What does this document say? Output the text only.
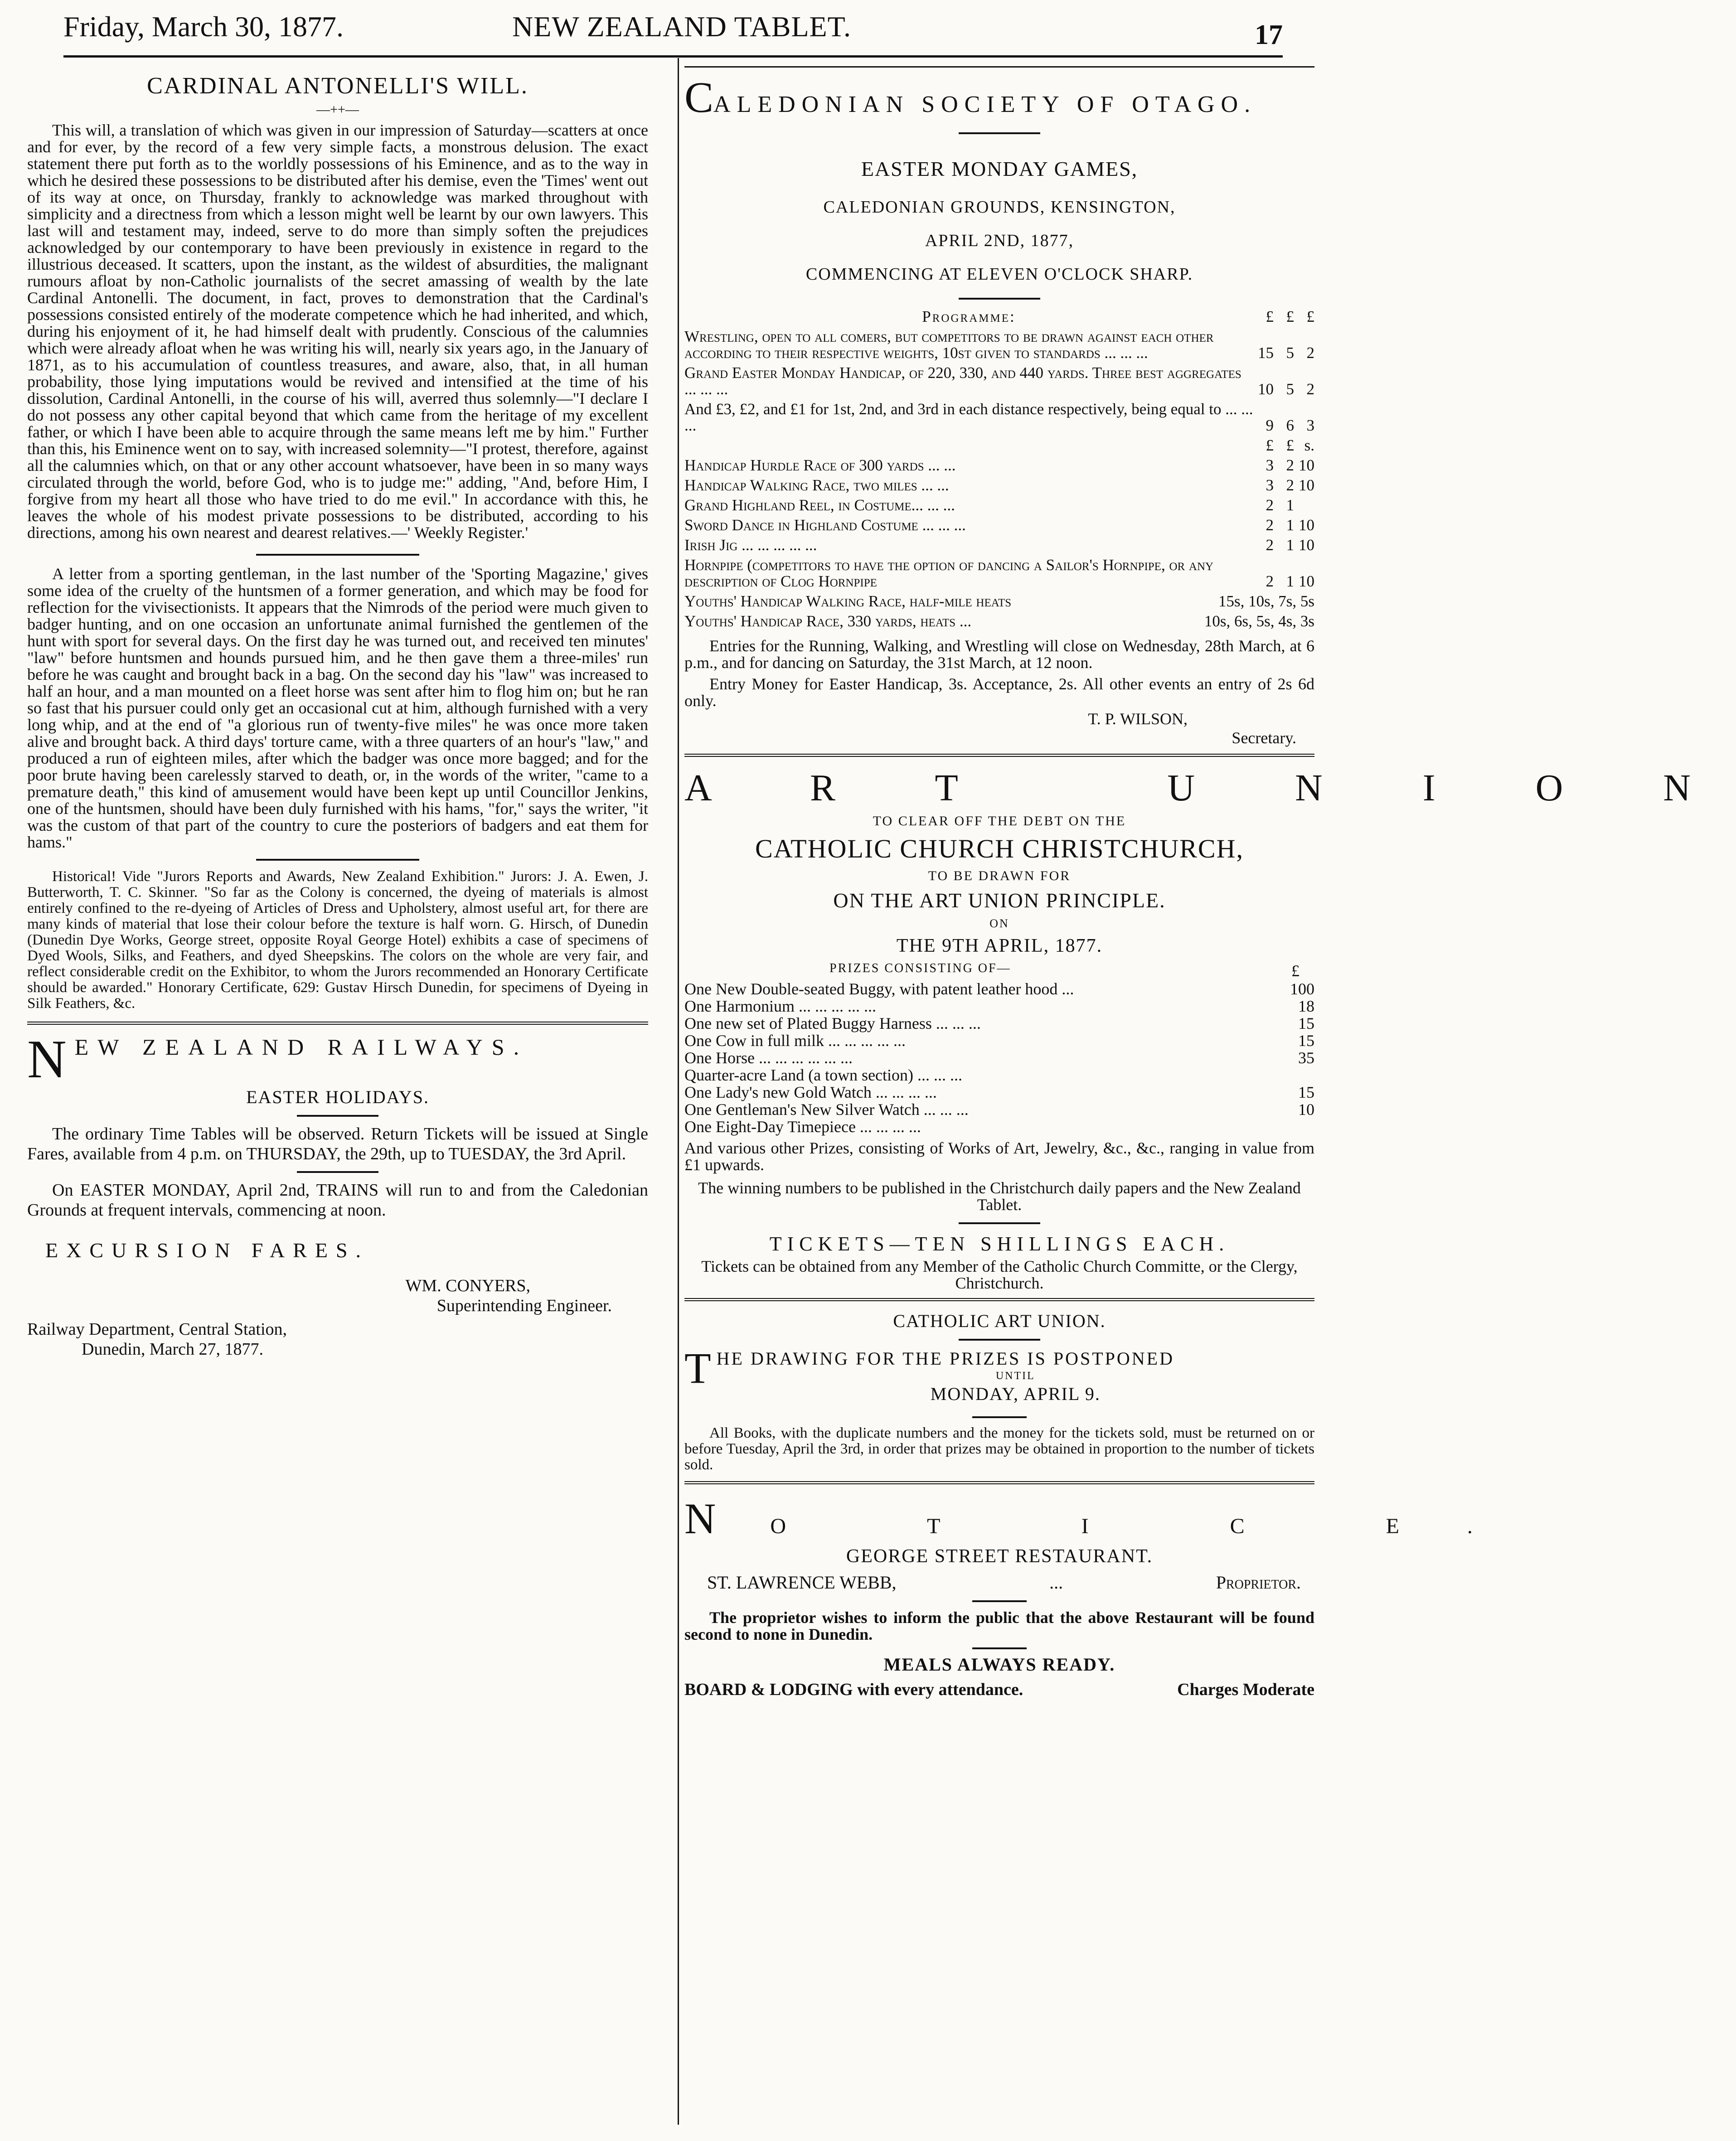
Friday, March 30, 1877.	NEW ZEALAND TABLET.	17
CARDINAL ANTONELLI'S WILL.
—++—

This will, a translation of which was given in our impression of Saturday—scatters at once and for ever, by the record of a few very simple facts, a monstrous delusion. The exact statement there put forth as to the worldly possessions of his Eminence, and as to the way in which he desired these possessions to be distributed after his demise, even the 'Times' went out of its way at once, on Thursday, frankly to acknowledge was marked throughout with simplicity and a directness from which a lesson might well be learnt by our own lawyers. This last will and testament may, indeed, serve to do more than simply soften the prejudices acknowledged by our contemporary to have been previously in existence in regard to the illustrious deceased. It scatters, upon the instant, as the wildest of absurdities, the malignant rumours afloat by non-Catholic journalists of the secret amassing of wealth by the late Cardinal Antonelli. The document, in fact, proves to demonstration that the Cardinal's possessions consisted entirely of the moderate competence which he had inherited, and which, during his enjoyment of it, he had himself dealt with prudently. Conscious of the calumnies which were already afloat when he was writing his will, nearly six years ago, in the January of 1871, as to his accumulation of countless treasures, and aware, also, that, in all human probability, those lying imputations would be revived and intensified at the time of his dissolution, Cardinal Antonelli, in the course of his will, averred thus solemnly—"I declare I do not possess any other capital beyond that which came from the heritage of my excellent father, or which I have been able to acquire through the same means left me by him." Further than this, his Eminence went on to say, with increased solemnity—"I protest, therefore, against all the calumnies which, on that or any other account whatsoever, have been in so many ways circulated through the world, before God, who is to judge me:" adding, "And, before Him, I forgive from my heart all those who have tried to do me evil." In accordance with this, he leaves the whole of his modest private possessions to be distributed, according to his directions, among his own nearest and dearest relatives.—' Weekly Register.'

A letter from a sporting gentleman, in the last number of the 'Sporting Magazine,' gives some idea of the cruelty of the huntsmen of a former generation, and which may be food for reflection for the vivisectionists. It appears that the Nimrods of the period were much given to badger hunting, and on one occasion an unfortunate animal furnished the gentlemen of the hunt with sport for several days. On the first day he was turned out, and received ten minutes' "law" before huntsmen and hounds pursued him, and he then gave them a three-miles' run before he was caught and brought back in a bag. On the second day his "law" was increased to half an hour, and a man mounted on a fleet horse was sent after him to flog him on; but he ran so fast that his pursuer could only get an occasional cut at him, although furnished with a very long whip, and at the end of "a glorious run of twenty-five miles" he was once more taken alive and brought back. A third days' torture came, with a three quarters of an hour's "law," and produced a run of eighteen miles, after which the badger was once more bagged; and for the poor brute having been carelessly starved to death, or, in the words of the writer, "came to a premature death," this kind of amusement would have been kept up until Councillor Jenkins, one of the huntsmen, should have been duly furnished with his hams, "for," says the writer, "it was the custom of that part of the country to cure the posteriors of badgers and eat them for hams."

Historical! Vide "Jurors Reports and Awards, New Zealand Exhibition." Jurors: J. A. Ewen, J. Butterworth, T. C. Skinner. "So far as the Colony is concerned, the dyeing of materials is almost entirely confined to the re-dyeing of Articles of Dress and Upholstery, almost useful art, for there are many kinds of material that lose their colour before the texture is half worn. G. Hirsch, of Dunedin (Dunedin Dye Works, George street, opposite Royal George Hotel) exhibits a case of specimens of Dyed Wools, Silks, and Feathers, and dyed Sheepskins. The colors on the whole are very fair, and reflect considerable credit on the Exhibitor, to whom the Jurors recommended an Honorary Certificate should be awarded." Honorary Certificate, 629: Gustav Hirsch Dunedin, for specimens of Dyeing in Silk Feathers, &c.

N EW ZEALAND RAILWAYS.
EASTER HOLIDAYS.

The ordinary Time Tables will be observed. Return Tickets will be issued at Single Fares, available from 4 p.m. on THURSDAY, the 29th, up to TUESDAY, the 3rd April.

On EASTER MONDAY, April 2nd, TRAINS will run to and from the Caledonian Grounds at frequent intervals, commencing at noon.

EXCURSION FARES.
WM. CONYERS,
Superintending Engineer.
Railway Department, Central Station,
Dunedin, March 27, 1877.
CALEDONIAN SOCIETY OF OTAGO.
EASTER MONDAY GAMES,
CALEDONIAN GROUNDS, KENSINGTON,
APRIL 2ND, 1877,
COMMENCING AT ELEVEN O'CLOCK SHARP.
Programme:	£	£	£
Wrestling, open to all comers, but competitors to be drawn against each other according to their respective weights, 10st given to standards ... ... ...	15	5	2
Grand Easter Monday Handicap, of 220, 330, and 440 yards. Three best aggregates ... ... ...	10	5	2
And £3, £2, and £1 for 1st, 2nd, and 3rd in each distance respectively, being equal to ... ... ...	9	6	3
	£	£	s.
Handicap Hurdle Race of 300 yards ... ...	3	2	10
Handicap Walking Race, two miles ... ...	3	2	10
Grand Highland Reel, in Costume... ... ...	2	1	
Sword Dance in Highland Costume ... ... ...	2	1	10
Irish Jig ... ... ... ... ...	2	1	10
Hornpipe (competitors to have the option of dancing a Sailor's Hornpipe, or any description of Clog Hornpipe	2	1	10
Youths' Handicap Walking Race, half-mile heats	15s, 10s, 7s, 5s
Youths' Handicap Race, 330 yards, heats ...	10s, 6s, 5s, 4s, 3s

Entries for the Running, Walking, and Wrestling will close on Wednesday, 28th March, at 6 p.m., and for dancing on Saturday, the 31st March, at 12 noon.

Entry Money for Easter Handicap, 3s. Acceptance, 2s. All other events an entry of 2s 6d only.

T. P. WILSON,
Secretary.
A R T   U N I O N
TO CLEAR OFF THE DEBT ON THE
CATHOLIC CHURCH CHRISTCHURCH,
TO BE DRAWN FOR
ON THE ART UNION PRINCIPLE.
ON
THE 9TH APRIL, 1877.
PRIZES CONSISTING OF—	£
One New Double-seated Buggy, with patent leather hood ...	100
One Harmonium ... ... ... ... ...	18
One new set of Plated Buggy Harness ... ... ...	15
One Cow in full milk ... ... ... ... ...	15
One Horse ... ... ... ... ... ...	35
Quarter-acre Land (a town section) ... ... ...	
One Lady's new Gold Watch ... ... ... ...	15
One Gentleman's New Silver Watch ... ... ...	10
One Eight-Day Timepiece ... ... ... ...	

And various other Prizes, consisting of Works of Art, Jewelry, &c., &c., ranging in value from £1 upwards.

The winning numbers to be published in the Christchurch daily papers and the New Zealand Tablet.

TICKETS—TEN SHILLINGS EACH.

Tickets can be obtained from any Member of the Catholic Church Committe, or the Clergy, Christchurch.

CATHOLIC ART UNION.
T HE DRAWING FOR THE PRIZES IS POSTPONED
UNTIL
MONDAY, APRIL 9.

All Books, with the duplicate numbers and the money for the tickets sold, must be returned on or before Tuesday, April the 3rd, in order that prizes may be obtained in proportion to the number of tickets sold.

NO T I C E.
GEORGE STREET RESTAURANT.
ST. LAWRENCE WEBB,	...	Proprietor.

The proprietor wishes to inform the public that the above Restaurant will be found second to none in Dunedin.

MEALS ALWAYS READY.
BOARD & LODGING with every attendance.	Charges Moderate
